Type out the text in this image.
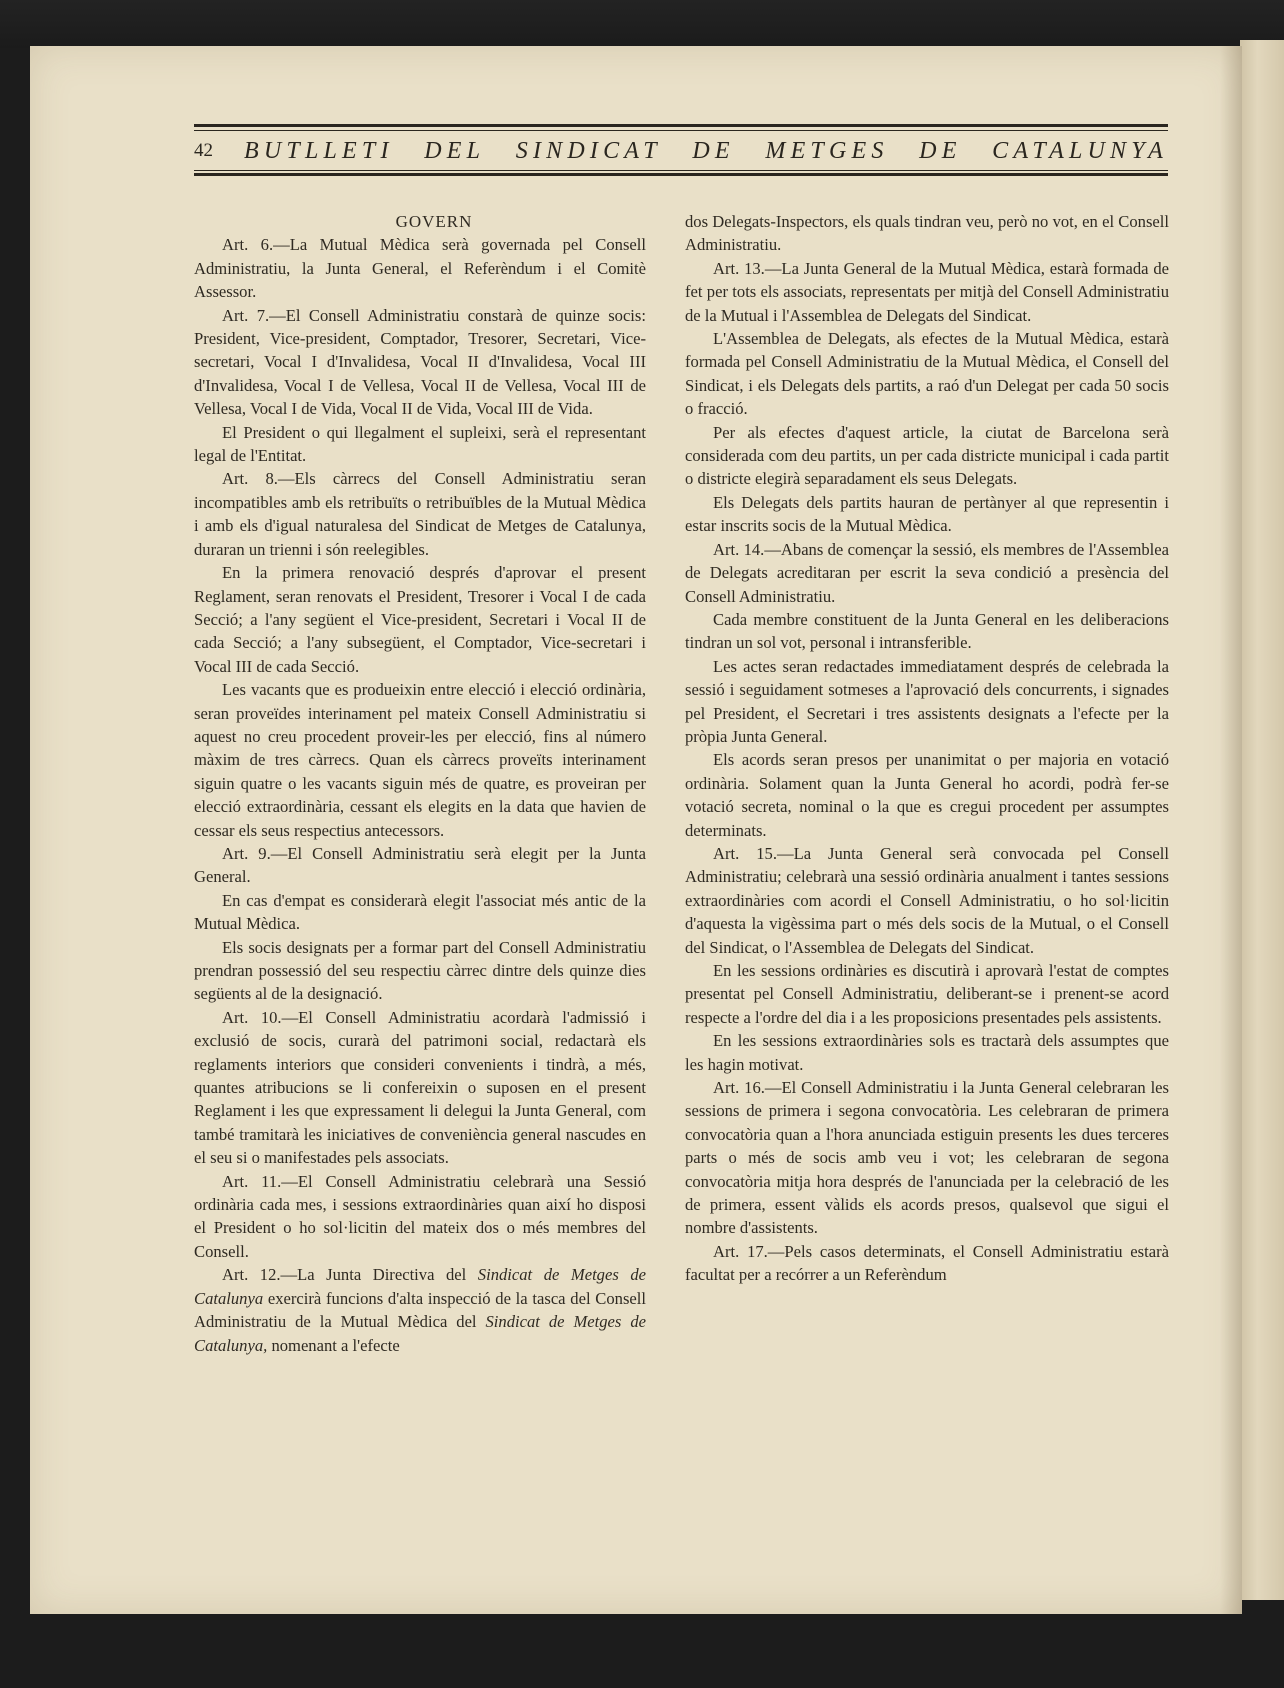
42	BUTLLETI DEL SINDICAT DE METGES DE CATALUNYA

GOVERN

Art. 6.—La Mutual Mèdica serà governada pel Consell Administratiu, la Junta General, el Referèndum i el Comitè Assessor.

Art. 7.—El Consell Administratiu constarà de quinze socis: President, Vice-president, Comptador, Tresorer, Secretari, Vice-secretari, Vocal I d'Invalidesa, Vocal II d'Invalidesa, Vocal III d'Invalidesa, Vocal I de Vellesa, Vocal II de Vellesa, Vocal III de Vellesa, Vocal I de Vida, Vocal II de Vida, Vocal III de Vida.

El President o qui llegalment el supleixi, serà el representant legal de l'Entitat.

Art. 8.—Els càrrecs del Consell Administratiu seran incompatibles amb els retribuïts o retribuïbles de la Mutual Mèdica i amb els d'igual naturalesa del Sindicat de Metges de Catalunya, duraran un trienni i són reelegibles.

En la primera renovació després d'aprovar el present Reglament, seran renovats el President, Tresorer i Vocal I de cada Secció; a l'any següent el Vice-president, Secretari i Vocal II de cada Secció; a l'any subsegüent, el Comptador, Vice-secretari i Vocal III de cada Secció.

Les vacants que es produeixin entre elecció i elecció ordinària, seran proveïdes interinament pel mateix Consell Administratiu si aquest no creu procedent proveir-les per elecció, fins al número màxim de tres càrrecs. Quan els càrrecs proveïts interinament siguin quatre o les vacants siguin més de quatre, es proveiran per elecció extraordinària, cessant els elegits en la data que havien de cessar els seus respectius antecessors.

Art. 9.—El Consell Administratiu serà elegit per la Junta General.

En cas d'empat es considerarà elegit l'associat més antic de la Mutual Mèdica.

Els socis designats per a formar part del Consell Administratiu prendran possessió del seu respectiu càrrec dintre dels quinze dies següents al de la designació.

Art. 10.—El Consell Administratiu acordarà l'admissió i exclusió de socis, curarà del patrimoni social, redactarà els reglaments interiors que consideri convenients i tindrà, a més, quantes atribucions se li confereixin o suposen en el present Reglament i les que expressament li delegui la Junta General, com també tramitarà les iniciatives de conveniència general nascudes en el seu si o manifestades pels associats.

Art. 11.—El Consell Administratiu celebrarà una Sessió ordinària cada mes, i sessions extraordinàries quan així ho disposi el President o ho sol·licitin del mateix dos o més membres del Consell.

Art. 12.—La Junta Directiva del Sindicat de Metges de Catalunya exercirà funcions d'alta inspecció de la tasca del Consell Administratiu de la Mutual Mèdica del Sindicat de Metges de Catalunya, nomenant a l'efecte

dos Delegats-Inspectors, els quals tindran veu, però no vot, en el Consell Administratiu.

Art. 13.—La Junta General de la Mutual Mèdica, estarà formada de fet per tots els associats, representats per mitjà del Consell Administratiu de la Mutual i l'Assemblea de Delegats del Sindicat.

L'Assemblea de Delegats, als efectes de la Mutual Mèdica, estarà formada pel Consell Administratiu de la Mutual Mèdica, el Consell del Sindicat, i els Delegats dels partits, a raó d'un Delegat per cada 50 socis o fracció.

Per als efectes d'aquest article, la ciutat de Barcelona serà considerada com deu partits, un per cada districte municipal i cada partit o districte elegirà separadament els seus Delegats.

Els Delegats dels partits hauran de pertànyer al que representin i estar inscrits socis de la Mutual Mèdica.

Art. 14.—Abans de començar la sessió, els membres de l'Assemblea de Delegats acreditaran per escrit la seva condició a presència del Consell Administratiu.

Cada membre constituent de la Junta General en les deliberacions tindran un sol vot, personal i intransferible.

Les actes seran redactades immediatament després de celebrada la sessió i seguidament sotmeses a l'aprovació dels concurrents, i signades pel President, el Secretari i tres assistents designats a l'efecte per la pròpia Junta General.

Els acords seran presos per unanimitat o per majoria en votació ordinària. Solament quan la Junta General ho acordi, podrà fer-se votació secreta, nominal o la que es cregui procedent per assumptes determinats.

Art. 15.—La Junta General serà convocada pel Consell Administratiu; celebrarà una sessió ordinària anualment i tantes sessions extraordinàries com acordi el Consell Administratiu, o ho sol·licitin d'aquesta la vigèssima part o més dels socis de la Mutual, o el Consell del Sindicat, o l'Assemblea de Delegats del Sindicat.

En les sessions ordinàries es discutirà i aprovarà l'estat de comptes presentat pel Consell Administratiu, deliberant-se i prenent-se acord respecte a l'ordre del dia i a les proposicions presentades pels assistents.

En les sessions extraordinàries sols es tractarà dels assumptes que les hagin motivat.

Art. 16.—El Consell Administratiu i la Junta General celebraran les sessions de primera i segona convocatòria. Les celebraran de primera convocatòria quan a l'hora anunciada estiguin presents les dues terceres parts o més de socis amb veu i vot; les celebraran de segona convocatòria mitja hora després de l'anunciada per la celebració de les de primera, essent vàlids els acords presos, qualsevol que sigui el nombre d'assistents.

Art. 17.—Pels casos determinats, el Consell Administratiu estarà facultat per a recórrer a un Referèndum
